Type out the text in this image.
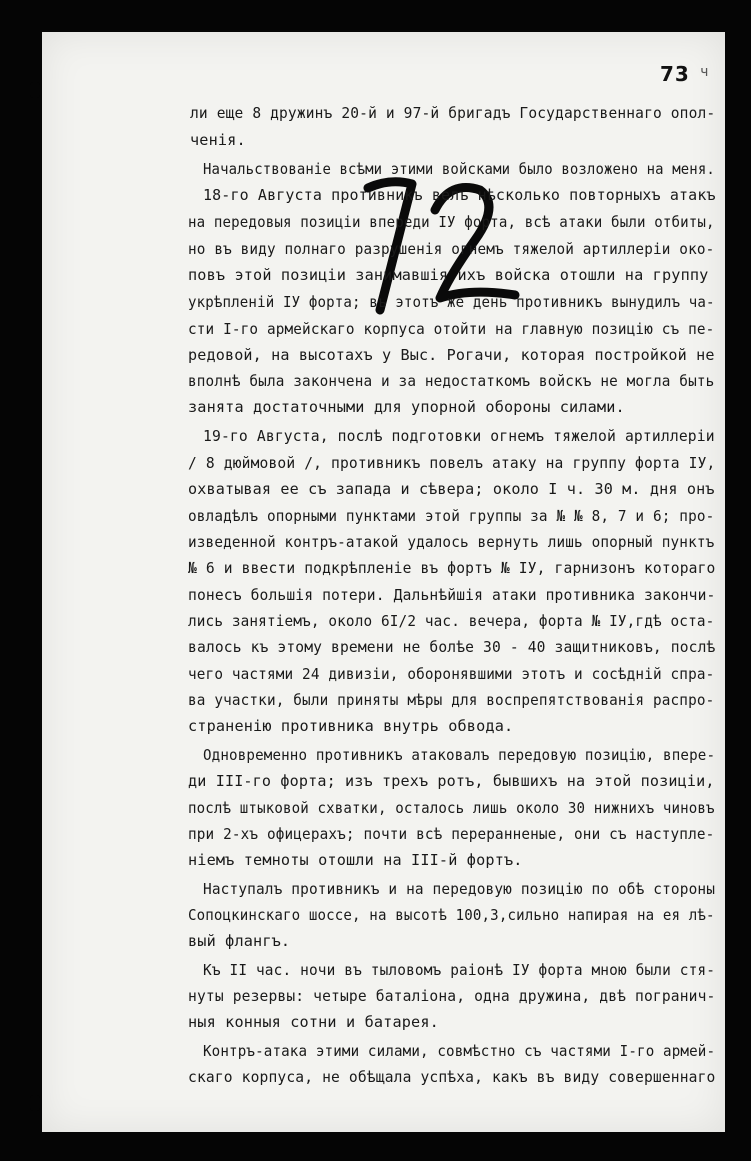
73 ч
ли еще 8 дружинъ 20-й и 97-й бригадъ Государственнаго опол-
ченія.
Начальствованіе всѣми этими войсками было возложено на меня.
18-го Августа противникъ велъ нѣсколько повторныхъ атакъ
на передовыя позиціи впереди IУ форта, всѣ атаки были отбиты,
но въ виду полнаго разрушенія огнемъ тяжелой артиллеріи око-
повъ этой позиціи занимавшія ихъ войска отошли на группу
укрѣпленій IУ форта; въ этотъ же день противникъ вынудилъ ча-
сти I-го армейскаго корпуса отойти на главную позицію съ пе-
редовой, на высотахъ у Выс. Рогачи, которая постройкой не
вполнѣ была закончена и за недостаткомъ войскъ не могла быть
занята достаточными для упорной обороны силами.
19-го Августа, послѣ подготовки огнемъ тяжелой артиллеріи
/ 8 дюймовой /, противникъ повелъ атаку на группу форта IУ,
охватывая ее съ запада и сѣвера; около I ч. 30 м. дня онъ
овладѣлъ опорными пунктами этой группы за № № 8, 7 и 6; про-
изведенной контръ-атакой удалось вернуть лишь опорный пунктъ
№ 6 и ввести подкрѣпленіе въ фортъ № IУ, гарнизонъ котораго
понесъ большія потери. Дальнѣйшія атаки противника закончи-
лись занятіемъ, около 6I/2 час. вечера, форта № IУ,гдѣ оста-
валось къ этому времени не болѣе 30 - 40 защитниковъ, послѣ
чего частями 24 дивизіи, оборонявшими этотъ и сосѣдній спра-
ва участки, были приняты мѣры для воспрепятствованія распро-
страненію противника внутрь обвода.
Одновременно противникъ атаковалъ передовую позицію, впере-
ди III-го форта; изъ трехъ ротъ, бывшихъ на этой позиціи,
послѣ штыковой схватки, осталось лишь около 30 нижнихъ чиновъ
при 2-хъ офицерахъ; почти всѣ переранненые, они съ наступле-
ніемъ темноты отошли на III-й фортъ.
Наступалъ противникъ и на передовую позицію по обѣ стороны
Сопоцкинскаго шоссе, на высотѣ 100,3,сильно напирая на ея лѣ-
вый флангъ.
Къ II час. ночи въ тыловомъ раіонѣ IУ форта мною были стя-
нуты резервы: четыре баталіона, одна дружина, двѣ погранич-
ныя конныя сотни и батарея.
Контръ-атака этими силами, совмѣстно съ частями I-го армей-
скаго корпуса, не обѣщала успѣха, какъ въ виду совершеннаго
